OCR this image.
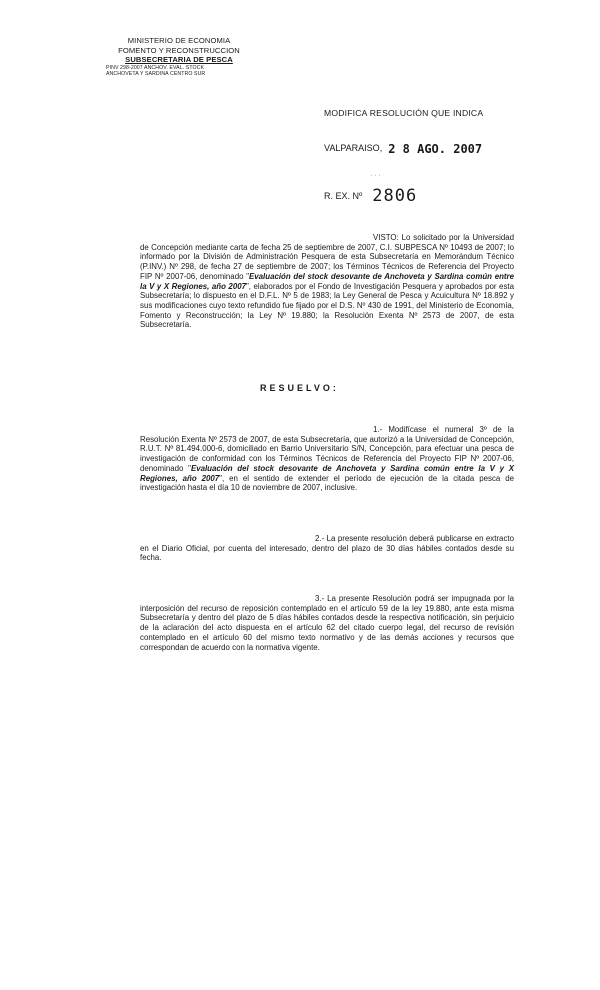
MINISTERIO DE ECONOMIA
FOMENTO Y RECONSTRUCCION
SUBSECRETARIA DE PESCA
PINV 298-2007 ANCHOV. EVAL. STOCK
ANCHOVETA Y SARDINA CENTRO SUR
MODIFICA RESOLUCIÓN QUE INDICA
VALPARAISO, 2 8 AGO. 2007
· · ·
R. EX. Nº 2806

VISTO: Lo solicitado por la Universidad de Concepción mediante carta de fecha 25 de septiembre de 2007, C.I. SUBPESCA Nº 10493 de 2007; lo informado por la División de Administración Pesquera de esta Subsecretaría en Memorándum Técnico (P.INV.) Nº 298, de fecha 27 de septiembre de 2007; los Términos Técnicos de Referencia del Proyecto FIP Nº 2007-06, denominado "Evaluación del stock desovante de Anchoveta y Sardina común entre la V y X Regiones, año 2007", elaborados por el Fondo de Investigación Pesquera y aprobados por esta Subsecretaría; lo dispuesto en el D.F.L. Nº 5 de 1983; la Ley General de Pesca y Acuicultura Nº 18.892 y sus modificaciones cuyo texto refundido fue fijado por el D.S. Nº 430 de 1991, del Ministerio de Economía, Fomento y Reconstrucción; la Ley Nº 19.880; la Resolución Exenta Nº 2573 de 2007, de esta Subsecretaría.

RESUELVO:

1.- Modifícase el numeral 3º de la Resolución Exenta Nº 2573 de 2007, de esta Subsecretaría, que autorizó a la Universidad de Concepción, R.U.T. Nº 81.494.000-6, domiciliado en Barrio Universitario S/N, Concepción, para efectuar una pesca de investigación de conformidad con los Términos Técnicos de Referencia del Proyecto FIP Nº 2007-06, denominado "Evaluación del stock desovante de Anchoveta y Sardina común entre la V y X Regiones, año 2007", en el sentido de extender el período de ejecución de la citada pesca de investigación hasta el día 10 de noviembre de 2007, inclusive.

2.- La presente resolución deberá publicarse en extracto en el Diario Oficial, por cuenta del interesado, dentro del plazo de 30 días hábiles contados desde su fecha.

3.- La presente Resolución podrá ser impugnada por la interposición del recurso de reposición contemplado en el artículo 59 de la ley 19.880, ante esta misma Subsecretaría y dentro del plazo de 5 días hábiles contados desde la respectiva notificación, sin perjuicio de la aclaración del acto dispuesta en el artículo 62 del citado cuerpo legal, del recurso de revisión contemplado en el artículo 60 del mismo texto normativo y de las demás acciones y recursos que correspondan de acuerdo con la normativa vigente.
